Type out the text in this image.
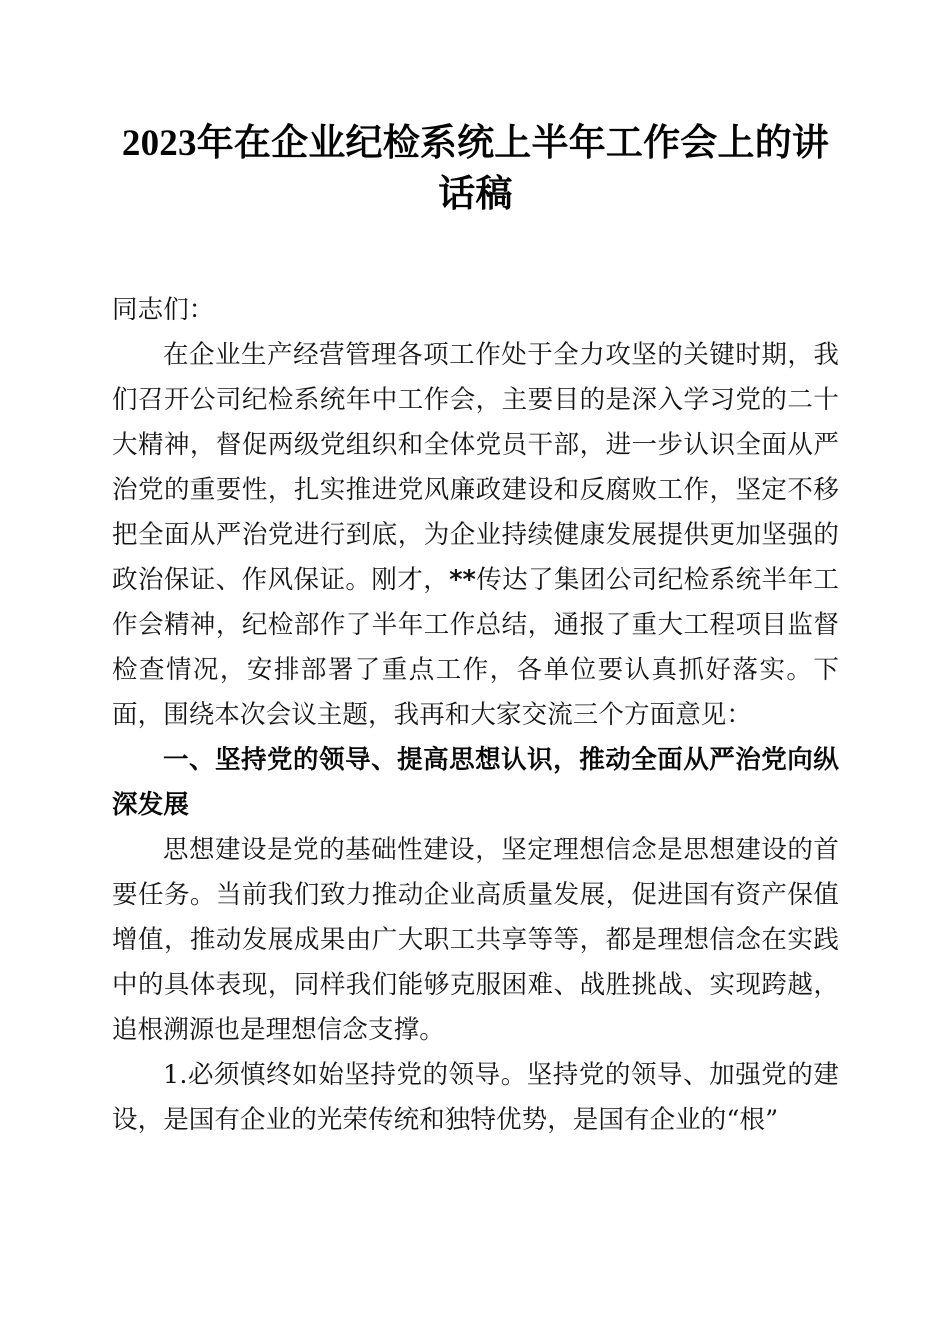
2023年在企业纪检系统上半年工作会上的讲话稿

同志们：

在企业生产经营管理各项工作处于全力攻坚的关键时期，我们召开公司纪检系统年中工作会，主要目的是深入学习党的二十大精神，督促两级党组织和全体党员干部，进一步认识全面从严治党的重要性，扎实推进党风廉政建设和反腐败工作，坚定不移把全面从严治党进行到底，为企业持续健康发展提供更加坚强的政治保证、作风保证。刚才，**传达了集团公司纪检系统半年工作会精神，纪检部作了半年工作总结，通报了重大工程项目监督检查情况，安排部署了重点工作，各单位要认真抓好落实。下面，围绕本次会议主题，我再和大家交流三个方面意见：

一、坚持党的领导、提高思想认识，推动全面从严治党向纵深发展

思想建设是党的基础性建设，坚定理想信念是思想建设的首要任务。当前我们致力推动企业高质量发展，促进国有资产保值增值，推动发展成果由广大职工共享等等，都是理想信念在实践中的具体表现，同样我们能够克服困难、战胜挑战、实现跨越，追根溯源也是理想信念支撑。

1.必须慎终如始坚持党的领导。坚持党的领导、加强党的建设，是国有企业的光荣传统和独特优势，是国有企业的“根”
